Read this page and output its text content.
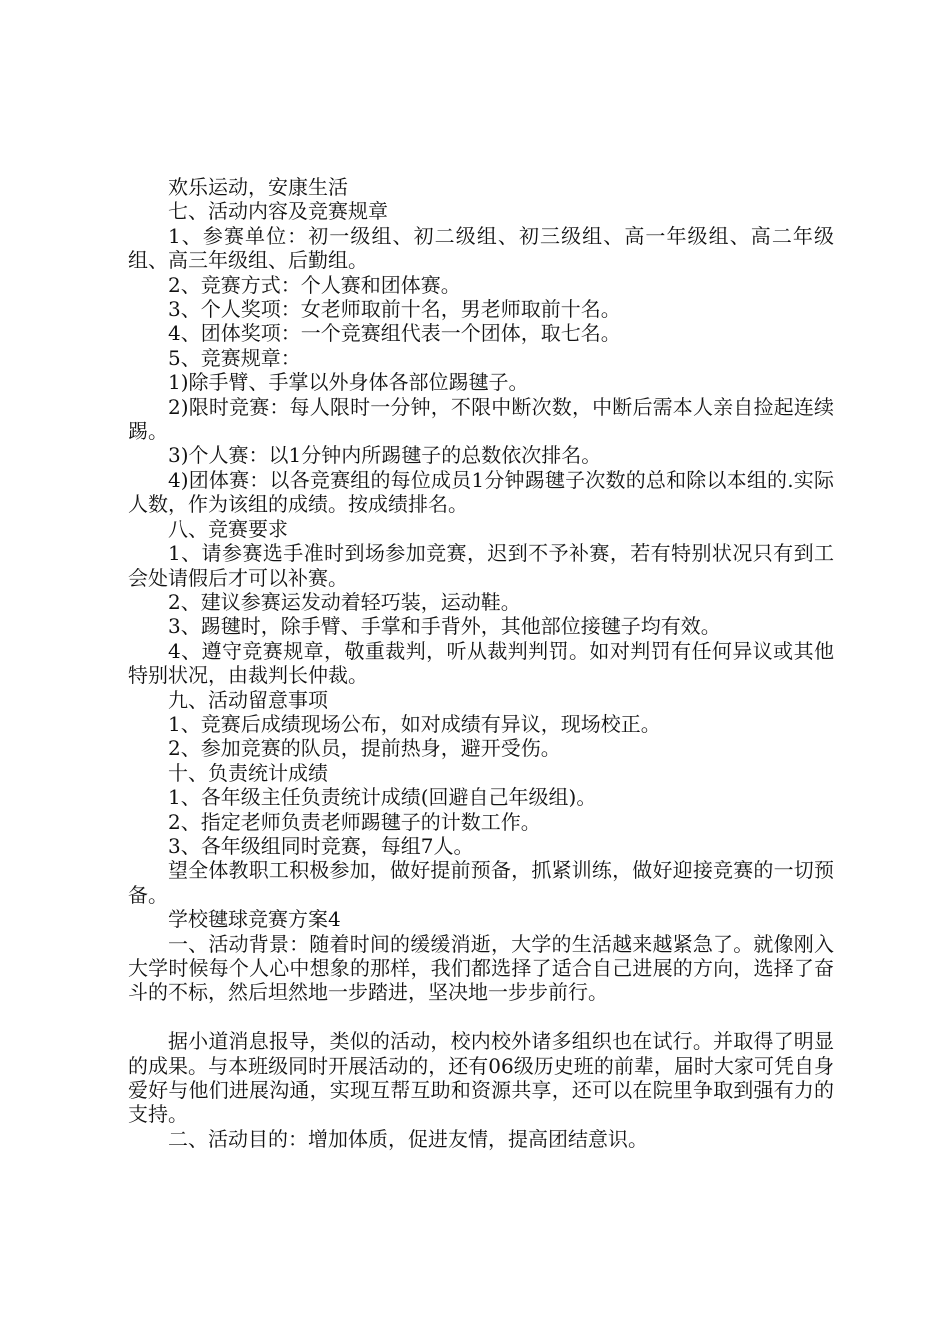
欢乐运动，安康生活

七、活动内容及竞赛规章

1、参赛单位：初一级组、初二级组、初三级组、高一年级组、高二年级组、高三年级组、后勤组。

2、竞赛方式：个人赛和团体赛。

3、个人奖项：女老师取前十名，男老师取前十名。

4、团体奖项：一个竞赛组代表一个团体，取七名。

5、竞赛规章：

1)除手臂、手掌以外身体各部位踢毽子。

2)限时竞赛：每人限时一分钟，不限中断次数，中断后需本人亲自捡起连续踢。

3)个人赛：以1分钟内所踢毽子的总数依次排名。

4)团体赛：以各竞赛组的每位成员1分钟踢毽子次数的总和除以本组的.实际人数，作为该组的成绩。按成绩排名。

八、竞赛要求

1、请参赛选手准时到场参加竞赛，迟到不予补赛，若有特别状况只有到工会处请假后才可以补赛。

2、建议参赛运发动着轻巧装，运动鞋。

3、踢毽时，除手臂、手掌和手背外，其他部位接毽子均有效。

4、遵守竞赛规章，敬重裁判，听从裁判判罚。如对判罚有任何异议或其他特别状况，由裁判长仲裁。

九、活动留意事项

1、竞赛后成绩现场公布，如对成绩有异议，现场校正。

2、参加竞赛的队员，提前热身，避开受伤。

十、负责统计成绩

1、各年级主任负责统计成绩(回避自己年级组)。

2、指定老师负责老师踢毽子的计数工作。

3、各年级组同时竞赛，每组7人。

望全体教职工积极参加，做好提前预备，抓紧训练，做好迎接竞赛的一切预备。

学校毽球竞赛方案4

一、活动背景：随着时间的缓缓消逝，大学的生活越来越紧急了。就像刚入大学时候每个人心中想象的那样，我们都选择了适合自己进展的方向，选择了奋斗的不标，然后坦然地一步踏进，坚决地一步步前行。

据小道消息报导，类似的活动，校内校外诸多组织也在试行。并取得了明显的成果。与本班级同时开展活动的，还有06级历史班的前辈，届时大家可凭自身爱好与他们进展沟通，实现互帮互助和资源共享，还可以在院里争取到强有力的支持。

二、活动目的：增加体质，促进友情，提高团结意识。
